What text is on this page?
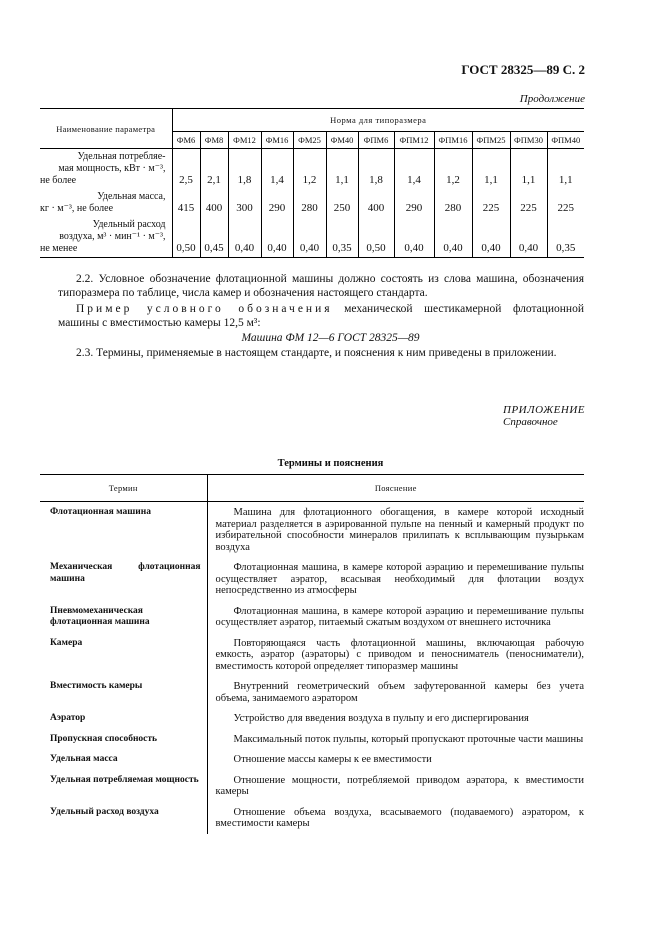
ГОСТ 28325—89 С. 2
Продолжение
Наименование параметра	Норма для типоразмера											
	ФМ6	ФМ8	ФМ12	ФМ16	ФМ25	ФМ40	ФПМ6	ФПМ12	ФПМ16	ФПМ25	ФПМ30	ФПМ40

Удельная потребляе-
мая мощность, кВт · м⁻³,
не более	2,5	2,1	1,8	1,4	1,2	1,1	1,8	1,4	1,2	1,1	1,1	1,1

Удельная масса,
кг · м⁻³, не более	415	400	300	290	280	250	400	290	280	225	225	225

Удельный расход
воздуха, м³ · мин⁻¹ · м⁻³,
не менее	0,50	0,45	0,40	0,40	0,40	0,35	0,50	0,40	0,40	0,40	0,40	0,35
2.2. Условное обозначение флотационной машины должно состоять из слова машина, обозначения типоразмера по таблице, числа камер и обозначения настоящего стандарта.
Пример условного обозначения механической шестикамерной флотационной машины с вместимостью камеры 12,5 м³:
Машина ФМ 12—6 ГОСТ 28325—89
2.3. Термины, применяемые в настоящем стандарте, и пояснения к ним приведены в приложении.
ПРИЛОЖЕНИЕ
Справочное
Термины и пояснения
Термин	Пояснение
Флотационная машина	Машина для флотационного обогащения, в камере которой исходный материал разделяется в аэрированной пульпе на пенный и камерный продукт по избирательной способности минералов прилипать к всплывающим пузырькам воздуха
Механическая флотационная машина	Флотационная машина, в камере которой аэрацию и перемешивание пульпы осуществляет аэратор, всасывая необходимый для флотации воздух непосредственно из атмосферы
Пневмомеханическая флотационная машина	Флотационная машина, в камере которой аэрацию и перемешивание пульпы осуществляет аэратор, питаемый сжатым воздухом от внешнего источника
Камера	Повторяющаяся часть флотационной машины, включающая рабочую емкость, аэратор (аэраторы) с приводом и пеносниматель (пеносниматели), вместимость которой определяет типоразмер машины
Вместимость камеры	Внутренний геометрический объем зафутерованной камеры без учета объема, занимаемого аэратором
Аэратор	Устройство для введения воздуха в пульпу и его диспергирования
Пропускная способность	Максимальный поток пульпы, который пропускают проточные части машины
Удельная масса	Отношение массы камеры к ее вместимости
Удельная потребляемая мощность	Отношение мощности, потребляемой приводом аэратора, к вместимости камеры
Удельный расход воздуха	Отношение объема воздуха, всасываемого (подаваемого) аэратором, к вместимости камеры
